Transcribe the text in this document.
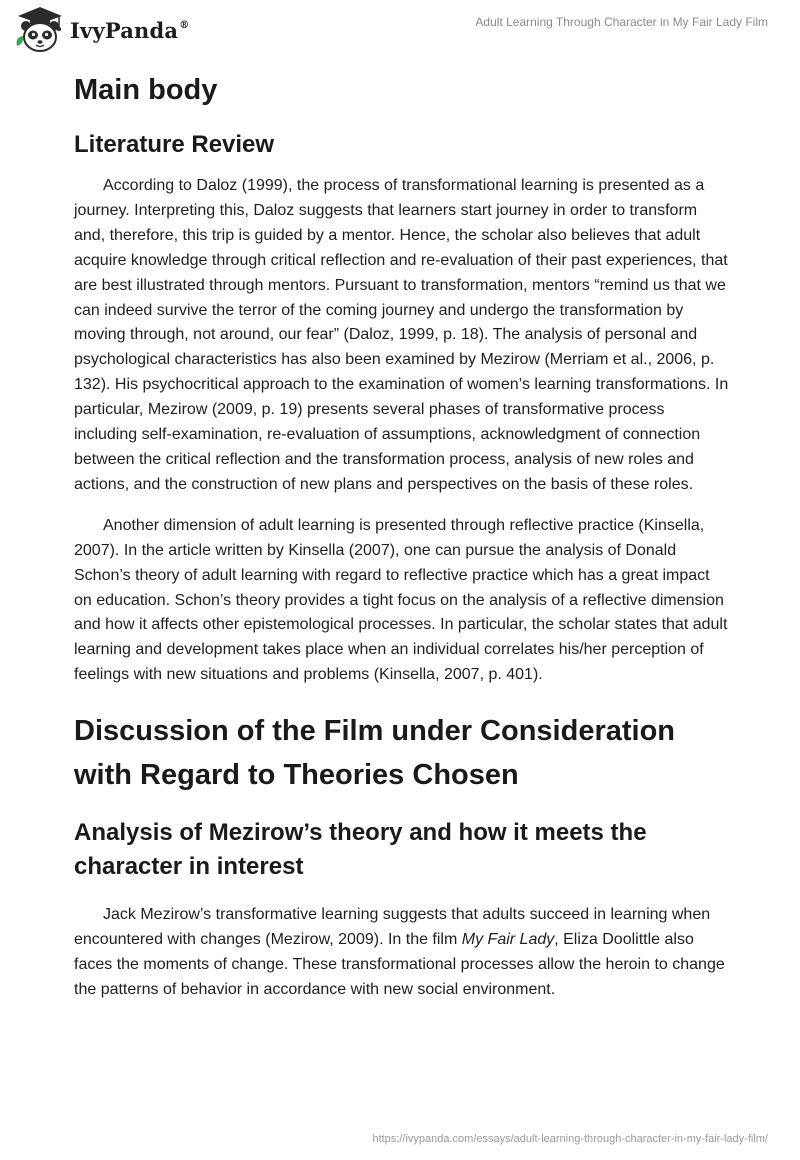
IvyPanda®	Adult Learning Through Character in My Fair Lady Film
Main body
Literature Review

According to Daloz (1999), the process of transformational learning is presented as a journey. Interpreting this, Daloz suggests that learners start journey in order to transform and, therefore, this trip is guided by a mentor. Hence, the scholar also believes that adult acquire knowledge through critical reflection and re-evaluation of their past experiences, that are best illustrated through mentors. Pursuant to transformation, mentors “remind us that we can indeed survive the terror of the coming journey and undergo the transformation by moving through, not around, our fear” (Daloz, 1999, p. 18). The analysis of personal and psychological characteristics has also been examined by Mezirow (Merriam et al., 2006, p. 132). His psychocritical approach to the examination of women’s learning transformations. In particular, Mezirow (2009, p. 19) presents several phases of transformative process including self-examination, re-evaluation of assumptions, acknowledgment of connection between the critical reflection and the transformation process, analysis of new roles and actions, and the construction of new plans and perspectives on the basis of these roles.

Another dimension of adult learning is presented through reflective practice (Kinsella, 2007). In the article written by Kinsella (2007), one can pursue the analysis of Donald Schon’s theory of adult learning with regard to reflective practice which has a great impact on education. Schon’s theory provides a tight focus on the analysis of a reflective dimension and how it affects other epistemological processes. In particular, the scholar states that adult learning and development takes place when an individual correlates his/her perception of feelings with new situations and problems (Kinsella, 2007, p. 401).

Discussion of the Film under Consideration with Regard to Theories Chosen
Analysis of Mezirow’s theory and how it meets the character in interest

Jack Mezirow’s transformative learning suggests that adults succeed in learning when encountered with changes (Mezirow, 2009). In the film My Fair Lady, Eliza Doolittle also faces the moments of change. These transformational processes allow the heroin to change the patterns of behavior in accordance with new social environment.

https://ivypanda.com/essays/adult-learning-through-character-in-my-fair-lady-film/
